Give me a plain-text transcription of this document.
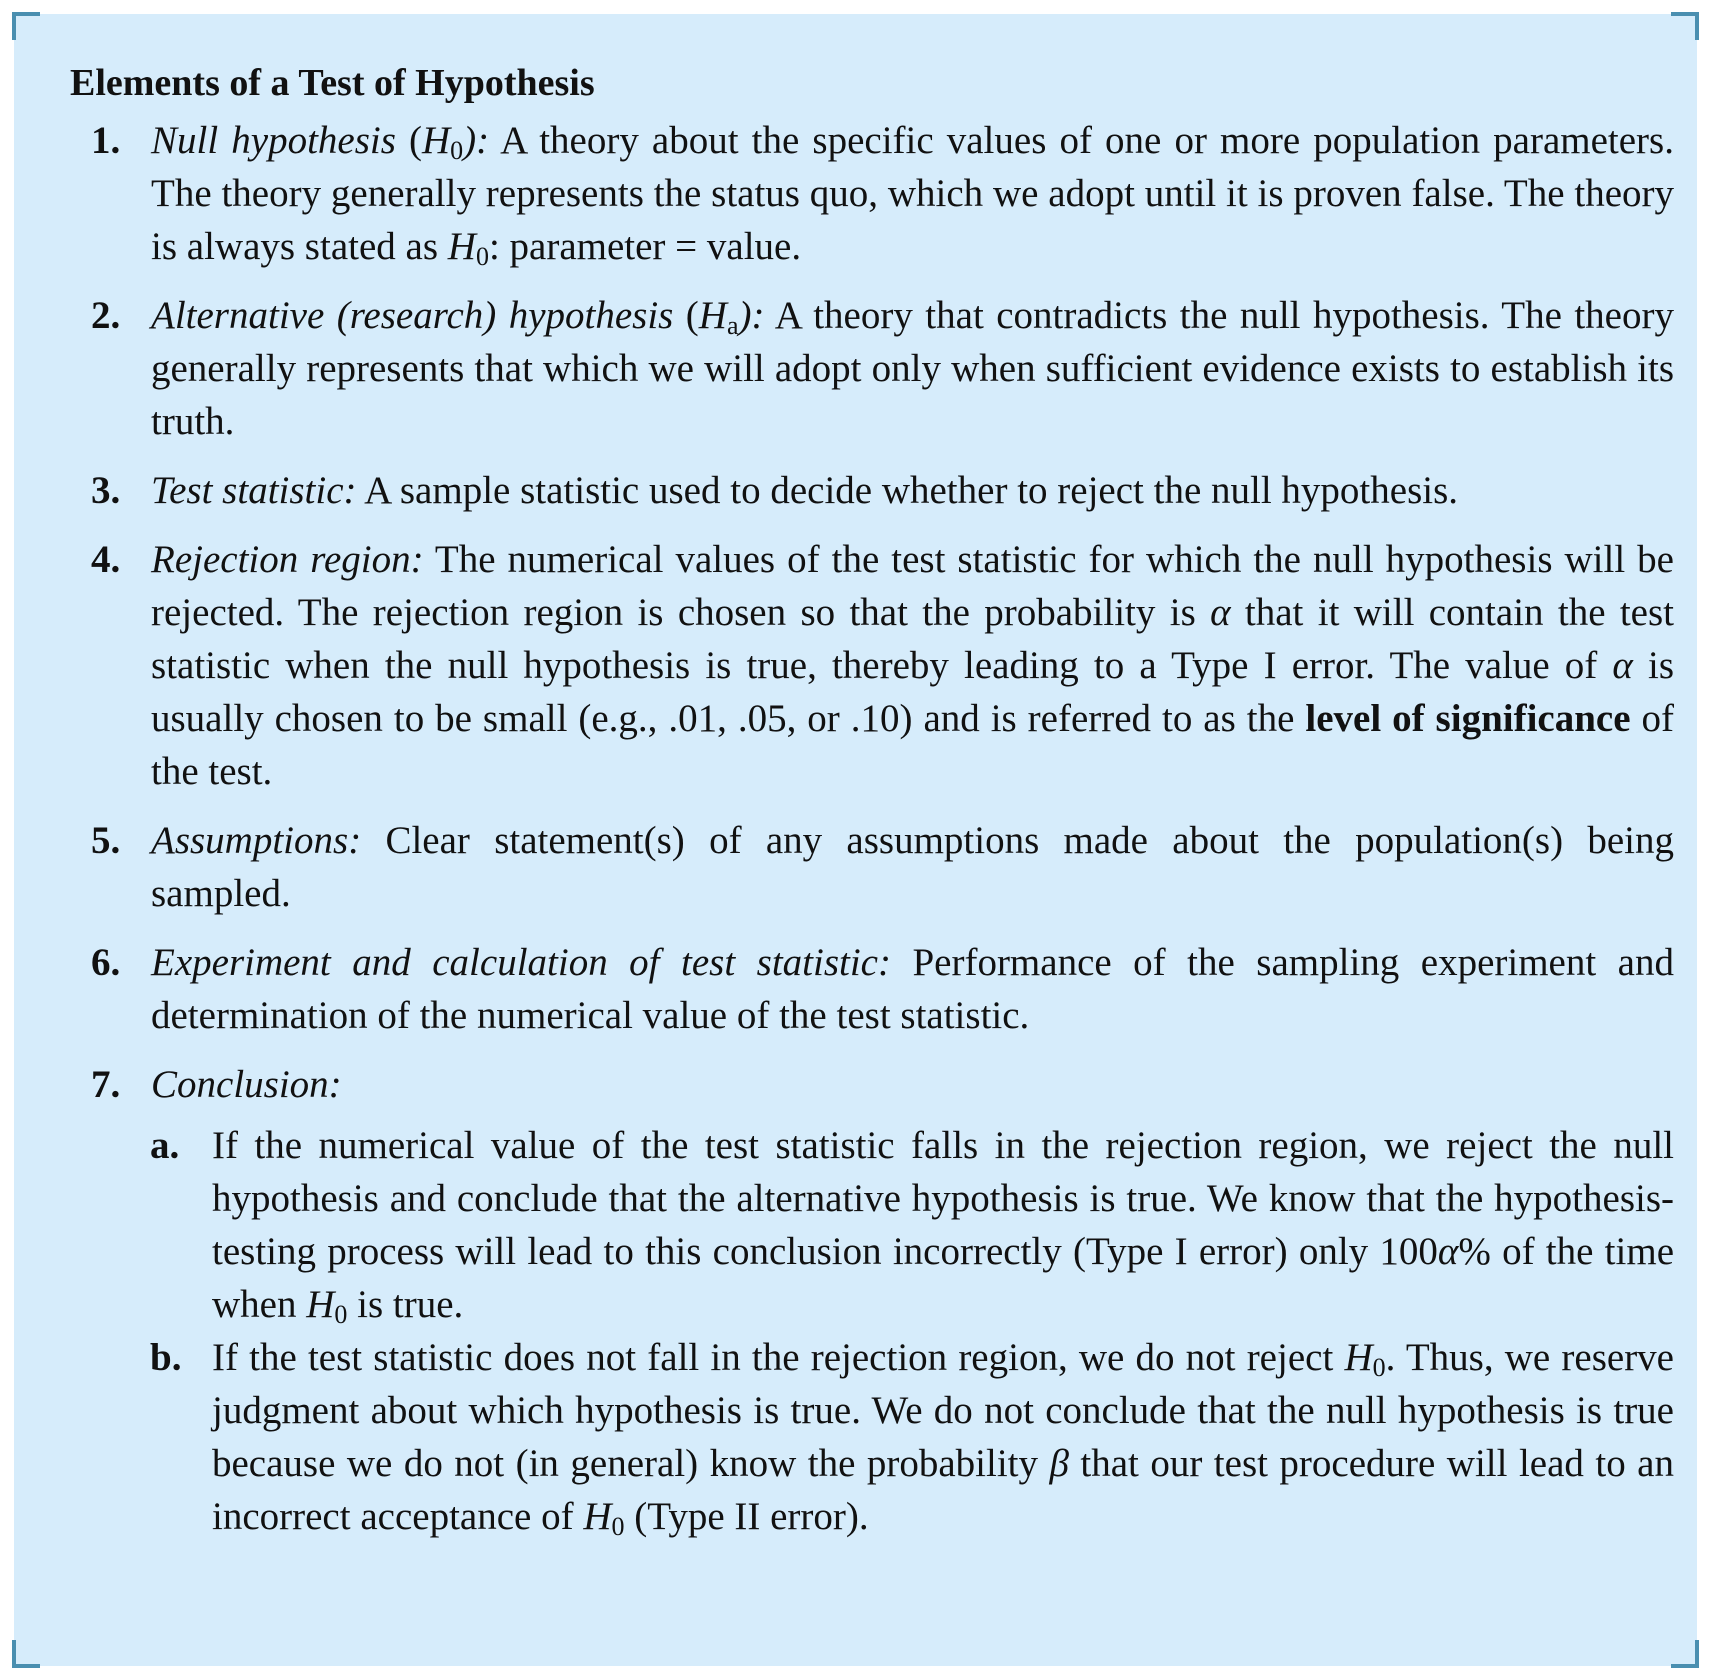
Elements of a Test of Hypothesis
1. Null hypothesis (H0): A theory about the specific values of one or more population parameters. The theory generally represents the status quo, which we adopt until it is proven false. The theory is always stated as H0: parameter = value.
2. Alternative (research) hypothesis (Ha): A theory that contradicts the null hypothesis. The theory generally represents that which we will adopt only when sufficient evidence exists to establish its truth.
3. Test statistic: A sample statistic used to decide whether to reject the null hypothesis.
4. Rejection region: The numerical values of the test statistic for which the null hypothesis will be rejected. The rejection region is chosen so that the probability is α that it will contain the test statistic when the null hypothesis is true, thereby leading to a Type I error. The value of α is usually chosen to be small (e.g., .01, .05, or .10) and is referred to as the level of significance of the test.
5. Assumptions: Clear statement(s) of any assumptions made about the population(s) being sampled.
6. Experiment and calculation of test statistic: Performance of the sampling experiment and determination of the numerical value of the test statistic.
7. Conclusion:
a. If the numerical value of the test statistic falls in the rejection region, we reject the null hypothesis and conclude that the alternative hypothesis is true. We know that the hypothesis-testing process will lead to this conclusion incorrectly (Type I error) only 100α% of the time when H0 is true.
b. If the test statistic does not fall in the rejection region, we do not reject H0. Thus, we reserve judgment about which hypothesis is true. We do not conclude that the null hypothesis is true because we do not (in general) know the probability β that our test procedure will lead to an incorrect acceptance of H0 (Type II error).
